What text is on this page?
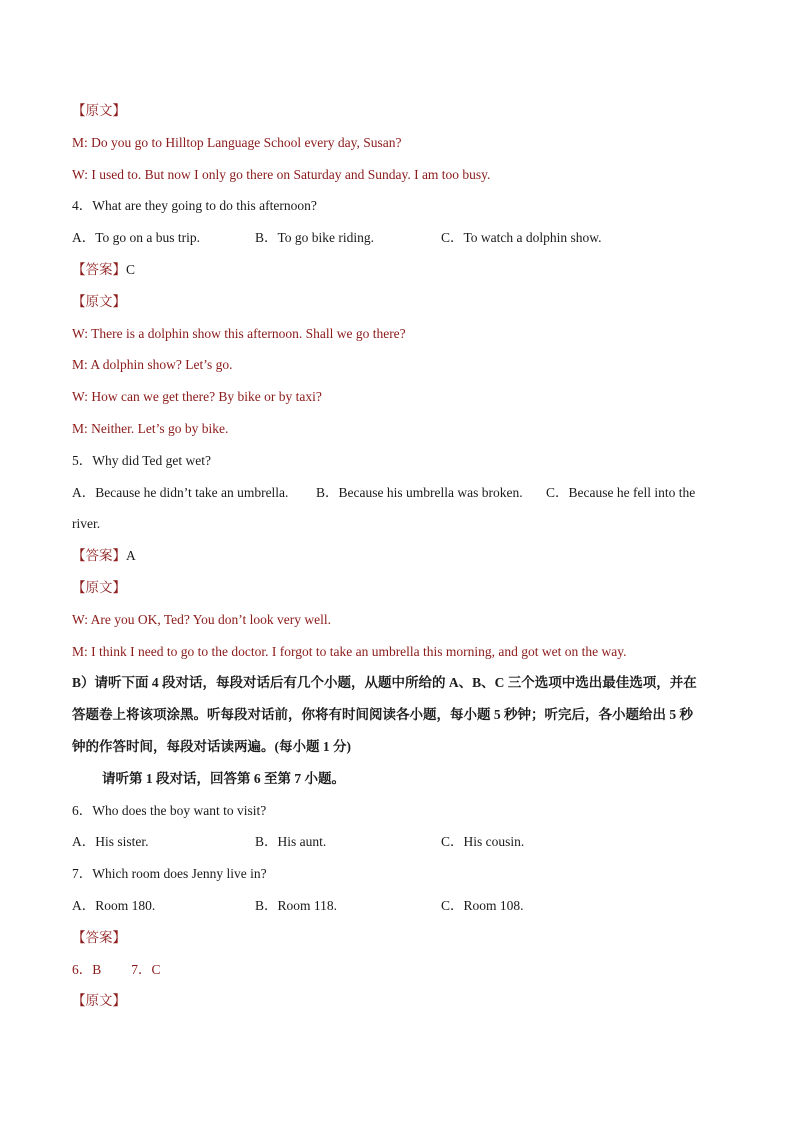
【原文】
M: Do you go to Hilltop Language School every day, Susan?
W: I used to. But now I only go there on Saturday and Sunday. I am too busy.
4．What are they going to do this afternoon?
A．To go on a bus trip.	B．To go bike riding.	C．To watch a dolphin show.
【答案】C
【原文】
W: There is a dolphin show this afternoon. Shall we go there?
M: A dolphin show? Let’s go.
W: How can we get there? By bike or by taxi?
M: Neither. Let’s go by bike.
5．Why did Ted get wet?
A．Because he didn’t take an umbrella. B．Because his umbrella was broken. C．Because he fell into the
river.
【答案】A
【原文】
W: Are you OK, Ted? You don’t look very well.
M: I think I need to go to the doctor. I forgot to take an umbrella this morning, and got wet on the way.
B）请听下面 4 段对话，每段对话后有几个小题，从题中所给的 A、B、C 三个选项中选出最佳选项，并在
答题卷上将该项涂黑。听每段对话前，你将有时间阅读各小题，每小题 5 秒钟；听完后，各小题给出 5 秒
钟的作答时间，每段对话读两遍。(每小题 1 分)
请听第 1 段对话，回答第 6 至第 7 小题。
6．Who does the boy want to visit?
A．His sister.	B．His aunt.	C．His cousin.
7．Which room does Jenny live in?
A．Room 180.	B．Room 118.	C．Room 108.
【答案】
6．B 7．C
【原文】
